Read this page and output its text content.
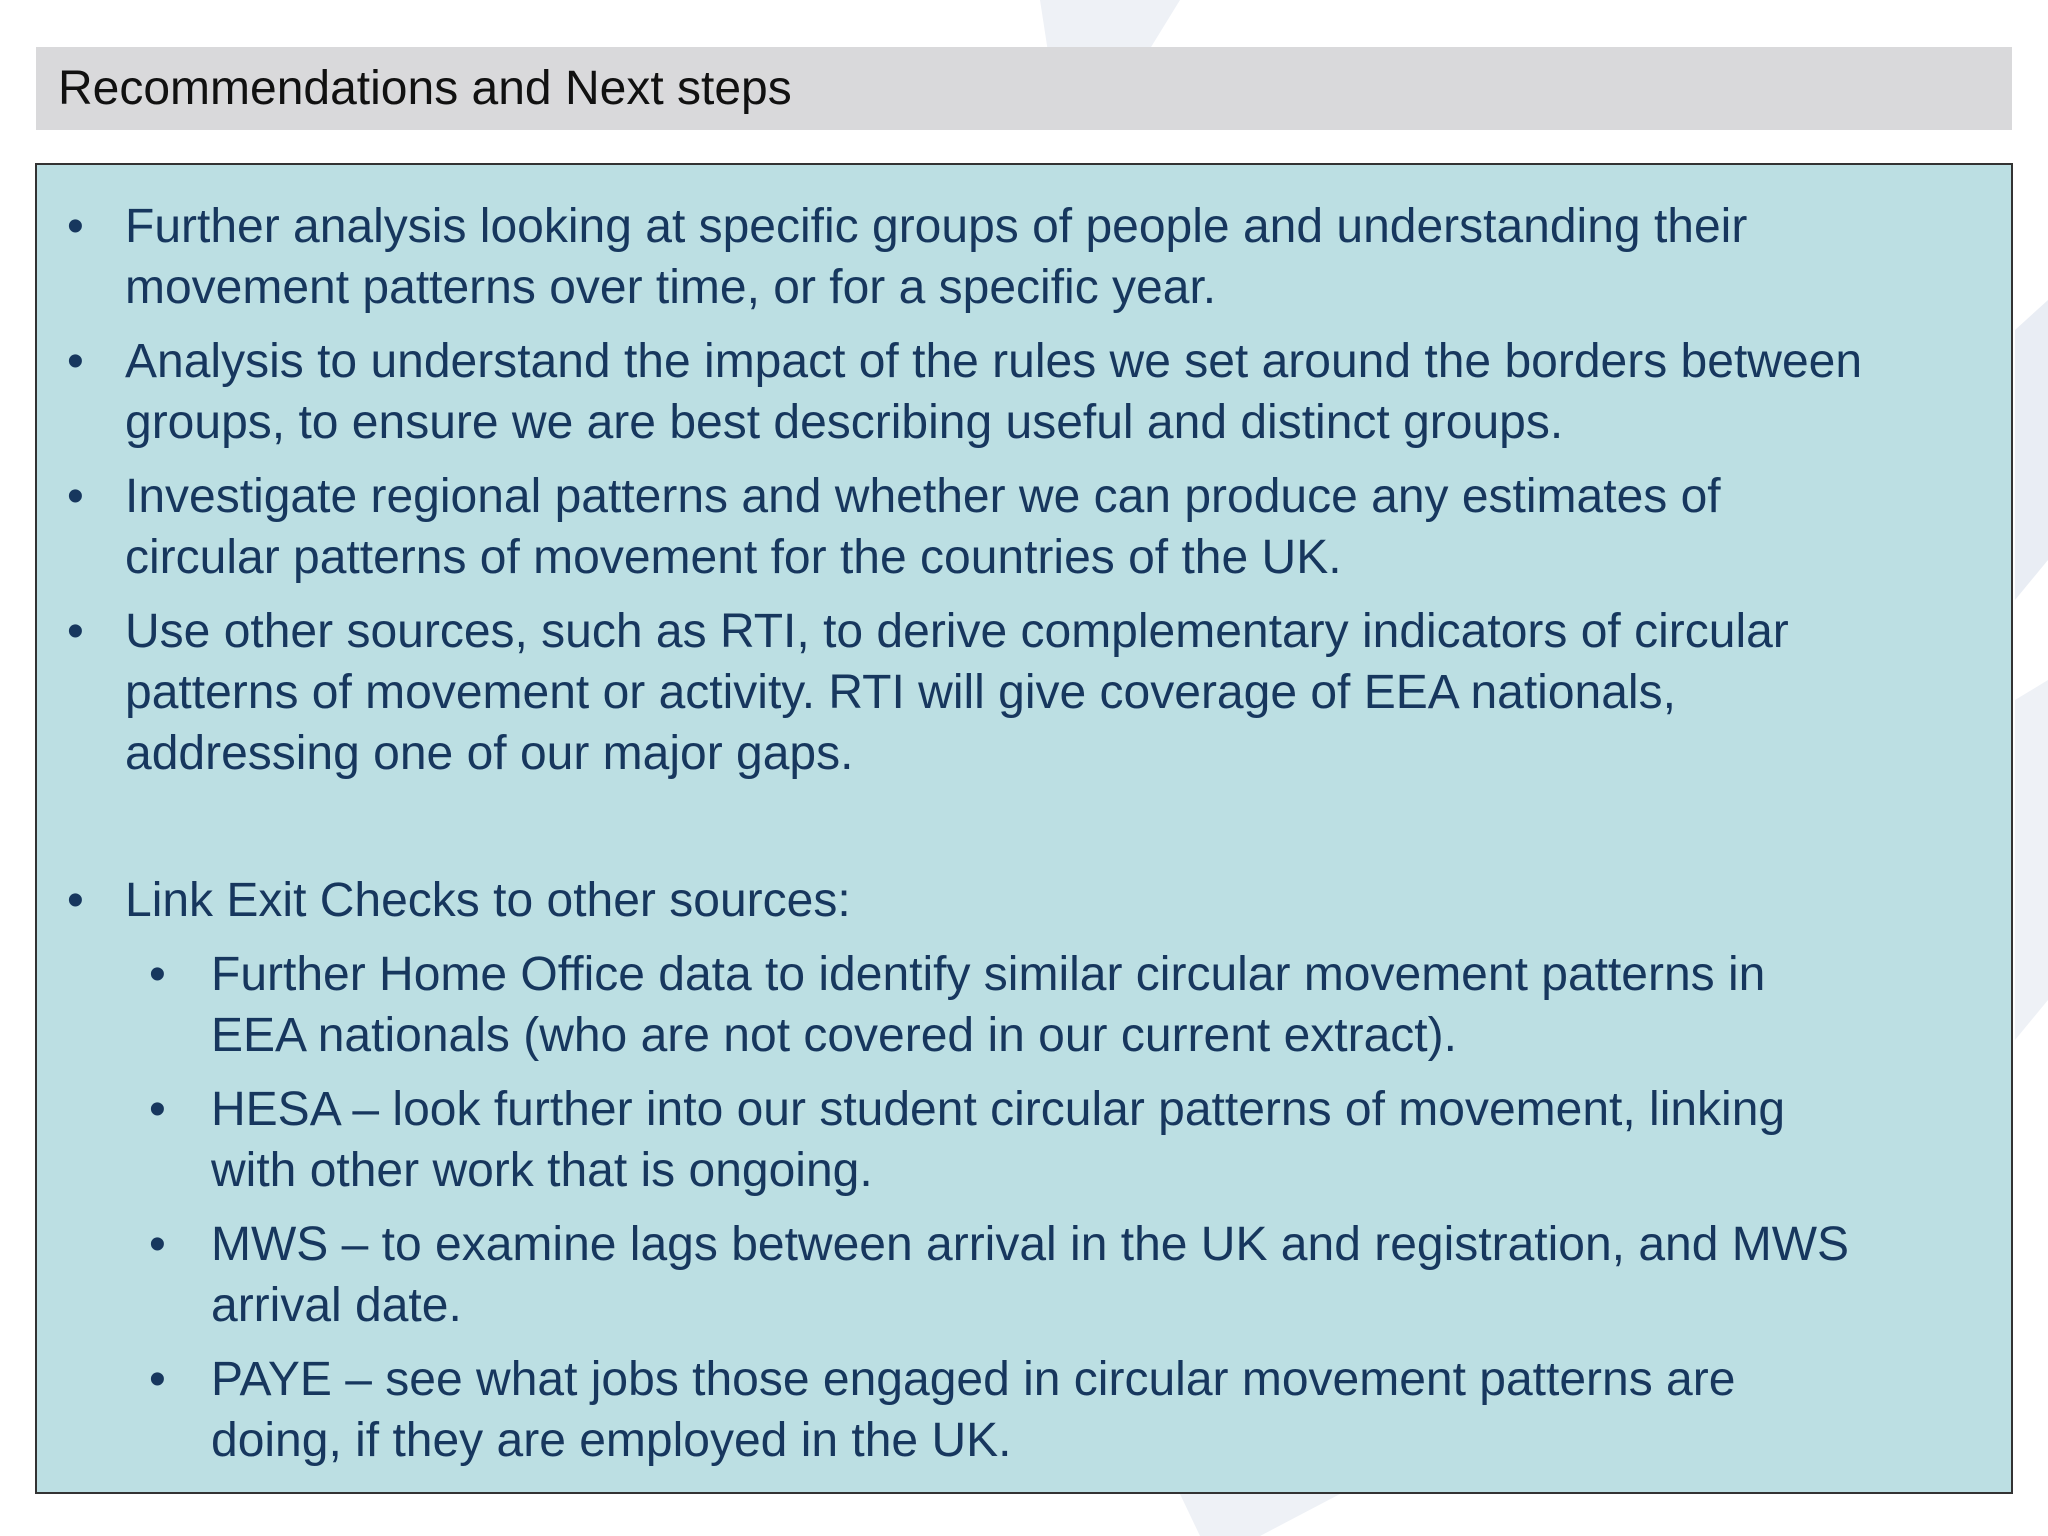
Recommendations and Next steps
• Further analysis looking at specific groups of people and understanding their
movement patterns over time, or for a specific year.
• Analysis to understand the impact of the rules we set around the borders between
groups, to ensure we are best describing useful and distinct groups.
• Investigate regional patterns and whether we can produce any estimates of
circular patterns of movement for the countries of the UK.
• Use other sources, such as RTI, to derive complementary indicators of circular
patterns of movement or activity. RTI will give coverage of EEA nationals,
addressing one of our major gaps.
• Link Exit Checks to other sources:
• Further Home Office data to identify similar circular movement patterns in
EEA nationals (who are not covered in our current extract).
• HESA – look further into our student circular patterns of movement, linking
with other work that is ongoing.
• MWS – to examine lags between arrival in the UK and registration, and MWS
arrival date.
• PAYE – see what jobs those engaged in circular movement patterns are
doing, if they are employed in the UK.
